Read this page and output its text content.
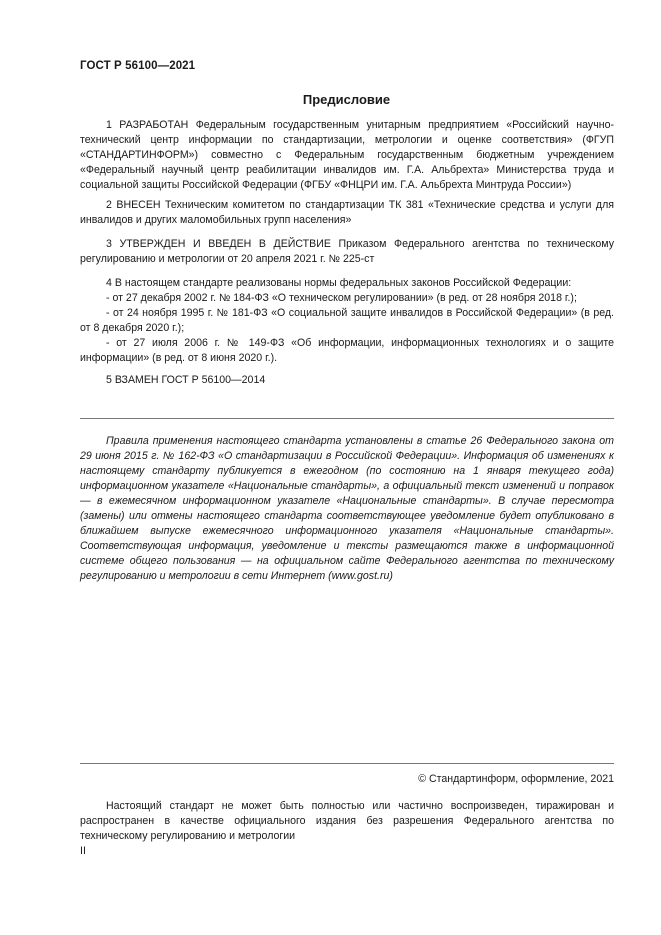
ГОСТ Р 56100—2021
Предисловие

1 РАЗРАБОТАН Федеральным государственным унитарным предприятием «Российский научно-технический центр информации по стандартизации, метрологии и оценке соответствия» (ФГУП «СТАНДАРТИНФОРМ») совместно с Федеральным государственным бюджетным учреждением «Федеральный научный центр реабилитации инвалидов им. Г.А. Альбрехта» Министерства труда и социальной защиты Российской Федерации (ФГБУ «ФНЦРИ им. Г.А. Альбрехта Минтруда России»)

2 ВНЕСЕН Техническим комитетом по стандартизации ТК 381 «Технические средства и услуги для инвалидов и других маломобильных групп населения»

3 УТВЕРЖДЕН И ВВЕДЕН В ДЕЙСТВИЕ Приказом Федерального агентства по техническому регулированию и метрологии от 20 апреля 2021 г. № 225-ст

4 В настоящем стандарте реализованы нормы федеральных законов Российской Федерации:

- от 27 декабря 2002 г. № 184-ФЗ «О техническом регулировании» (в ред. от 28 ноября 2018 г.);

- от 24 ноября 1995 г. № 181-ФЗ «О социальной защите инвалидов в Российской Федерации» (в ред. от 8 декабря 2020 г.);

- от 27 июля 2006 г. № 149-ФЗ «Об информации, информационных технологиях и о защите информации» (в ред. от 8 июня 2020 г.).

5 ВЗАМЕН ГОСТ Р 56100—2014

Правила применения настоящего стандарта установлены в статье 26 Федерального закона от 29 июня 2015 г. № 162-ФЗ «О стандартизации в Российской Федерации». Информация об изменениях к настоящему стандарту публикуется в ежегодном (по состоянию на 1 января текущего года) информационном указателе «Национальные стандарты», а официальный текст изменений и поправок — в ежемесячном информационном указателе «Национальные стандарты». В случае пересмотра (замены) или отмены настоящего стандарта соответствующее уведомление будет опубликовано в ближайшем выпуске ежемесячного информационного указателя «Национальные стандарты». Соответствующая информация, уведомление и тексты размещаются также в информационной системе общего пользования — на официальном сайте Федерального агентства по техническому регулированию и метрологии в сети Интернет (www.gost.ru)

© Стандартинформ, оформление, 2021

Настоящий стандарт не может быть полностью или частично воспроизведен, тиражирован и распространен в качестве официального издания без разрешения Федерального агентства по техническому регулированию и метрологии

II
